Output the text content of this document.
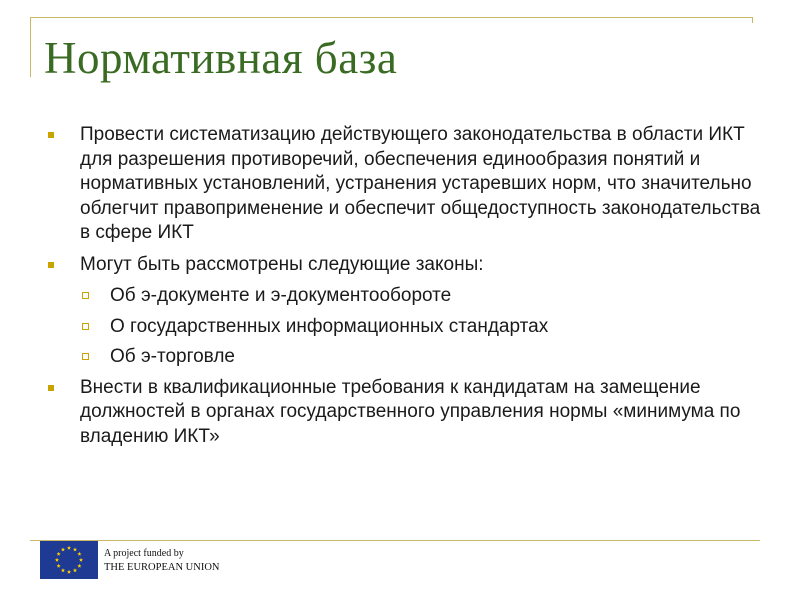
Нормативная база
Провести систематизацию действующего законодательства в области ИКТ для разрешения противоречий, обеспечения единообразия понятий и нормативных установлений, устранения устаревших норм, что значительно облегчит правоприменение и обеспечит общедоступность законодательства в сфере ИКТ
Могут быть рассмотрены следующие законы:
Об э-документе и э-документообороте
О государственных информационных стандартах
Об э-торговле
Внести в квалификационные требования к кандидатам на замещение должностей в органах государственного управления нормы «минимума по владению ИКТ»
A project funded by
THE EUROPEAN UNION
